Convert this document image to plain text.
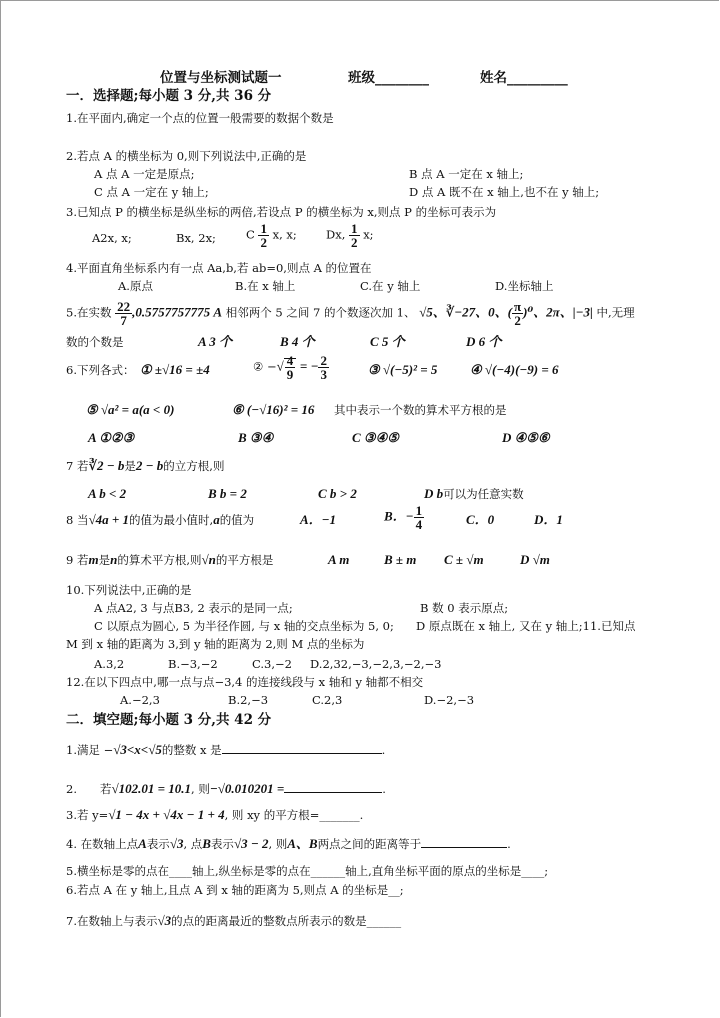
位置与坐标测试题一	班级________	姓名_________
一．选择题;每小题 3 分,共 36 分
1.在平面内,确定一个点的位置一般需要的数据个数是
2.若点 A 的横坐标为 0,则下列说法中,正确的是
A 点 A 一定是原点;	B 点 A 一定在 x 轴上;
C 点 A 一定在 y 轴上;	D 点 A 既不在 x 轴上,也不在 y 轴上;
3.已知点 P 的横坐标是纵坐标的两倍,若设点 P 的横坐标为 x,则点 P 的坐标可表示为
A2x, x;	Bx, 2x;	C $\frac{1}{2} x$, x;	Dx, $\frac{1}{2} x$;
4.平面直角坐标系内有一点 Aa,b,若 ab=0,则点 A 的位置在
A.原点	B.在 x 轴上	C.在 y 轴上	D.坐标轴上
5.在实数 $\frac{22}{7} ,0.5757757775$ A 相邻两个 5 之间 7 的个数逐次加 1、 √5、∛−27、0、( $\frac{\pi}{2} )^0$、2π、|−3| 中,无理
数的个数是	A 3 个	B 4 个	C 5 个	D 6 个
6.下列各式： ① ±√16 = ±4	② −√ $\frac{4}{9}$ = − $\frac{2}{3}$	③ √(−5)² = 5	④ √(−4)(−9) = 6
⑤ √a² = a(a < 0)	⑥ (−√16)² = 16 其中表示一个数的算术平方根的是
A ①②③	B ③④	C ③④⑤	D ④⑤⑥
7 若∛2 − b是2 − b的立方根,则
A b < 2	B b = 2	C b > 2	D b可以为任意实数
8 当√4a + 1的值为最小值时,a的值为	A．−1	B．− $\frac{1}{4}$	C．0	D．1
9 若m是n的算术平方根,则√n的平方根是	A m	B ± m C ± √m	D √m
10.下列说法中,正确的是
A 点A2, 3 与点B3, 2 表示的是同一点;	B 数 0 表示原点;
C 以原点为圆心, 5 为半径作圆, 与 x 轴的交点坐标为 5, 0; D 原点既在 x 轴上, 又在 y 轴上;11.已知点
M 到 x 轴的距离为 3,到 y 轴的距离为 2,则 M 点的坐标为
A.3,2	B.−3,−2	C.3,−2 D.2,32,−3,−2,3,−2,−3
12.在以下四点中,哪一点与点−3,4 的连接线段与 x 轴和 y 轴都不相交
A.−2,3	B.2,−3	C.2,3	D.−2,−3
二．填空题;每小题 3 分,共 42 分
1.满足 −√3<x<√5的整数 x 是	.
2.　　若√102.01 = 10.1, 则−√0.010201 =	.
3.若 y=√1 − 4x + √4x − 1 + 4, 则 xy 的平方根=_______.
4. 在数轴上点A表示√3, 点B表示√3 − 2, 则A、B两点之间的距离等于	.
5.横坐标是零的点在____轴上,纵坐标是零的点在______轴上,直角坐标平面的原点的坐标是____;
6.若点 A 在 y 轴上,且点 A 到 x 轴的距离为 5,则点 A 的坐标是__;
7.在数轴上与表示√3的点的距离最近的整数点所表示的数是______
